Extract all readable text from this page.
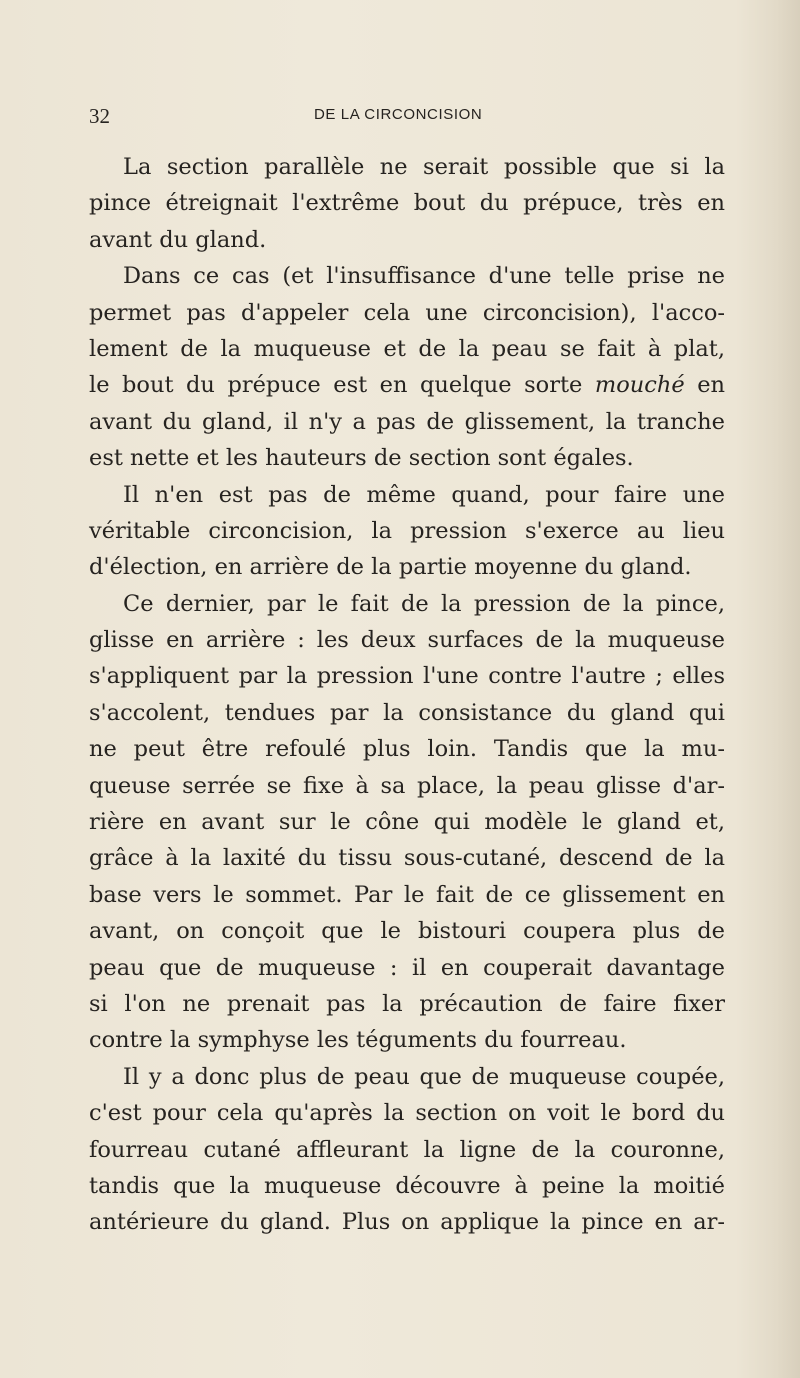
32	DE LA CIRCONCISION
La section parallèle ne serait possible que si la
pince étreignait l'extrême bout du prépuce, très en
avant du gland.
Dans ce cas (et l'insuffisance d'une telle prise ne
permet pas d'appeler cela une circoncision), l'acco-
lement de la muqueuse et de la peau se fait à plat,
le bout du prépuce est en quelque sorte mouché en
avant du gland, il n'y a pas de glissement, la tranche
est nette et les hauteurs de section sont égales.
Il n'en est pas de même quand, pour faire une
véritable circoncision, la pression s'exerce au lieu
d'élection, en arrière de la partie moyenne du gland.
Ce dernier, par le fait de la pression de la pince,
glisse en arrière : les deux surfaces de la muqueuse
s'appliquent par la pression l'une contre l'autre ; elles
s'accolent, tendues par la consistance du gland qui
ne peut être refoulé plus loin. Tandis que la mu-
queuse serrée se fixe à sa place, la peau glisse d'ar-
rière en avant sur le cône qui modèle le gland et,
grâce à la laxité du tissu sous-cutané, descend de la
base vers le sommet. Par le fait de ce glissement en
avant, on conçoit que le bistouri coupera plus de
peau que de muqueuse : il en couperait davantage
si l'on ne prenait pas la précaution de faire fixer
contre la symphyse les téguments du fourreau.
Il y a donc plus de peau que de muqueuse coupée,
c'est pour cela qu'après la section on voit le bord du
fourreau cutané affleurant la ligne de la couronne,
tandis que la muqueuse découvre à peine la moitié
antérieure du gland. Plus on applique la pince en ar-
